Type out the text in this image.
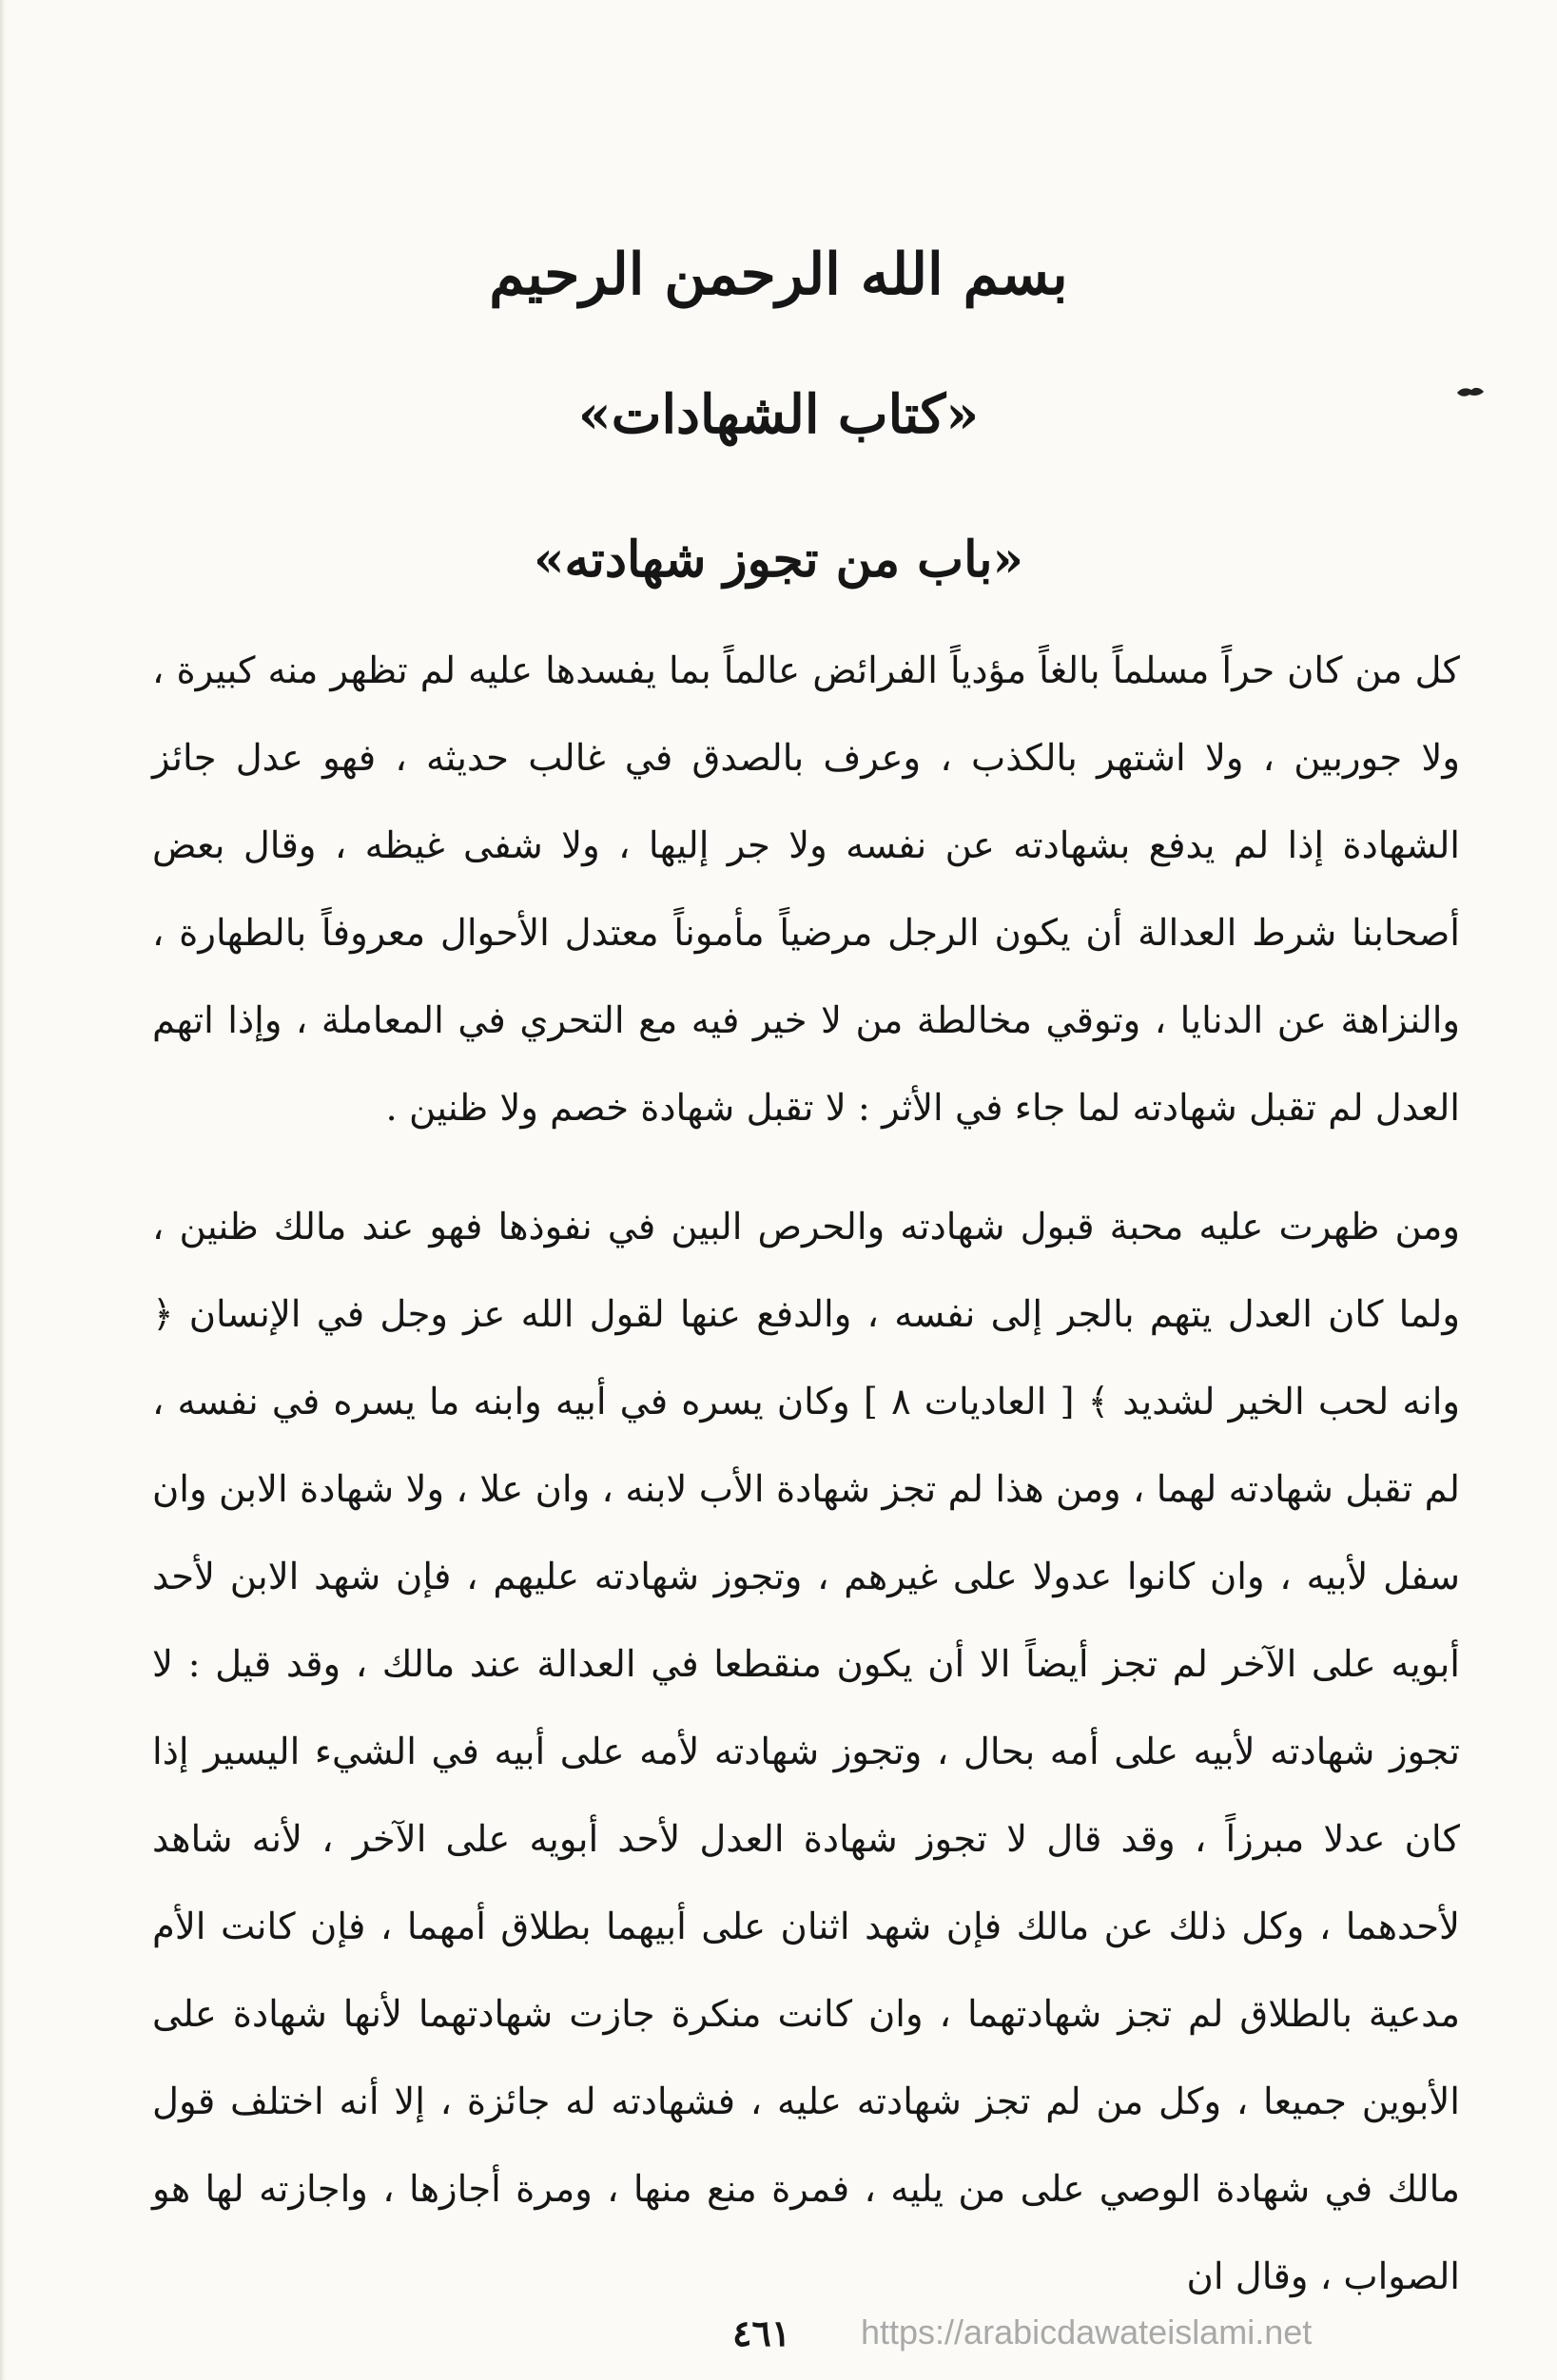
بسم الله الرحمن الرحيم
«كتاب الشهادات»
«باب من تجوز شهادته»

كل من كان حراً مسلماً بالغاً مؤدياً الفرائض عالماً بما يفسدها عليه لم تظهر منه كبيرة ، ولا جوربين ، ولا اشتهر بالكذب ، وعرف بالصدق في غالب حديثه ، فهو عدل جائز الشهادة إذا لم يدفع بشهادته عن نفسه ولا جر إليها ، ولا شفى غيظه ، وقال بعض أصحابنا شرط العدالة أن يكون الرجل مرضياً مأموناً معتدل الأحوال معروفاً بالطهارة ، والنزاهة عن الدنايا ، وتوقي مخالطة من لا خير فيه مع التحري في المعاملة ، وإذا اتهم العدل لم تقبل شهادته لما جاء في الأثر : لا تقبل شهادة خصم ولا ظنين .

ومن ظهرت عليه محبة قبول شهادته والحرص البين في نفوذها فهو عند مالك ظنين ، ولما كان العدل يتهم بالجر إلى نفسه ، والدفع عنها لقول الله عز وجل في الإنسان ﴿ وانه لحب الخير لشديد ﴾ [ العاديات ٨ ] وكان يسره في أبيه وابنه ما يسره في نفسه ، لم تقبل شهادته لهما ، ومن هذا لم تجز شهادة الأب لابنه ، وان علا ، ولا شهادة الابن وان سفل لأبيه ، وان كانوا عدولا على غيرهم ، وتجوز شهادته عليهم ، فإن شهد الابن لأحد أبويه على الآخر لم تجز أيضاً الا أن يكون منقطعا في العدالة عند مالك ، وقد قيل : لا تجوز شهادته لأبيه على أمه بحال ، وتجوز شهادته لأمه على أبيه في الشيء اليسير إذا كان عدلا مبرزاً ، وقد قال لا تجوز شهادة العدل لأحد أبويه على الآخر ، لأنه شاهد لأحدهما ، وكل ذلك عن مالك فإن شهد اثنان على أبيهما بطلاق أمهما ، فإن كانت الأم مدعية بالطلاق لم تجز شهادتهما ، وان كانت منكرة جازت شهادتهما لأنها شهادة على الأبوين جميعا ، وكل من لم تجز شهادته عليه ، فشهادته له جائزة ، إلا أنه اختلف قول مالك في شهادة الوصي على من يليه ، فمرة منع منها ، ومرة أجازها ، واجازته لها هو الصواب ، وقال ان

٤٦١ https://arabicdawateislami.net
